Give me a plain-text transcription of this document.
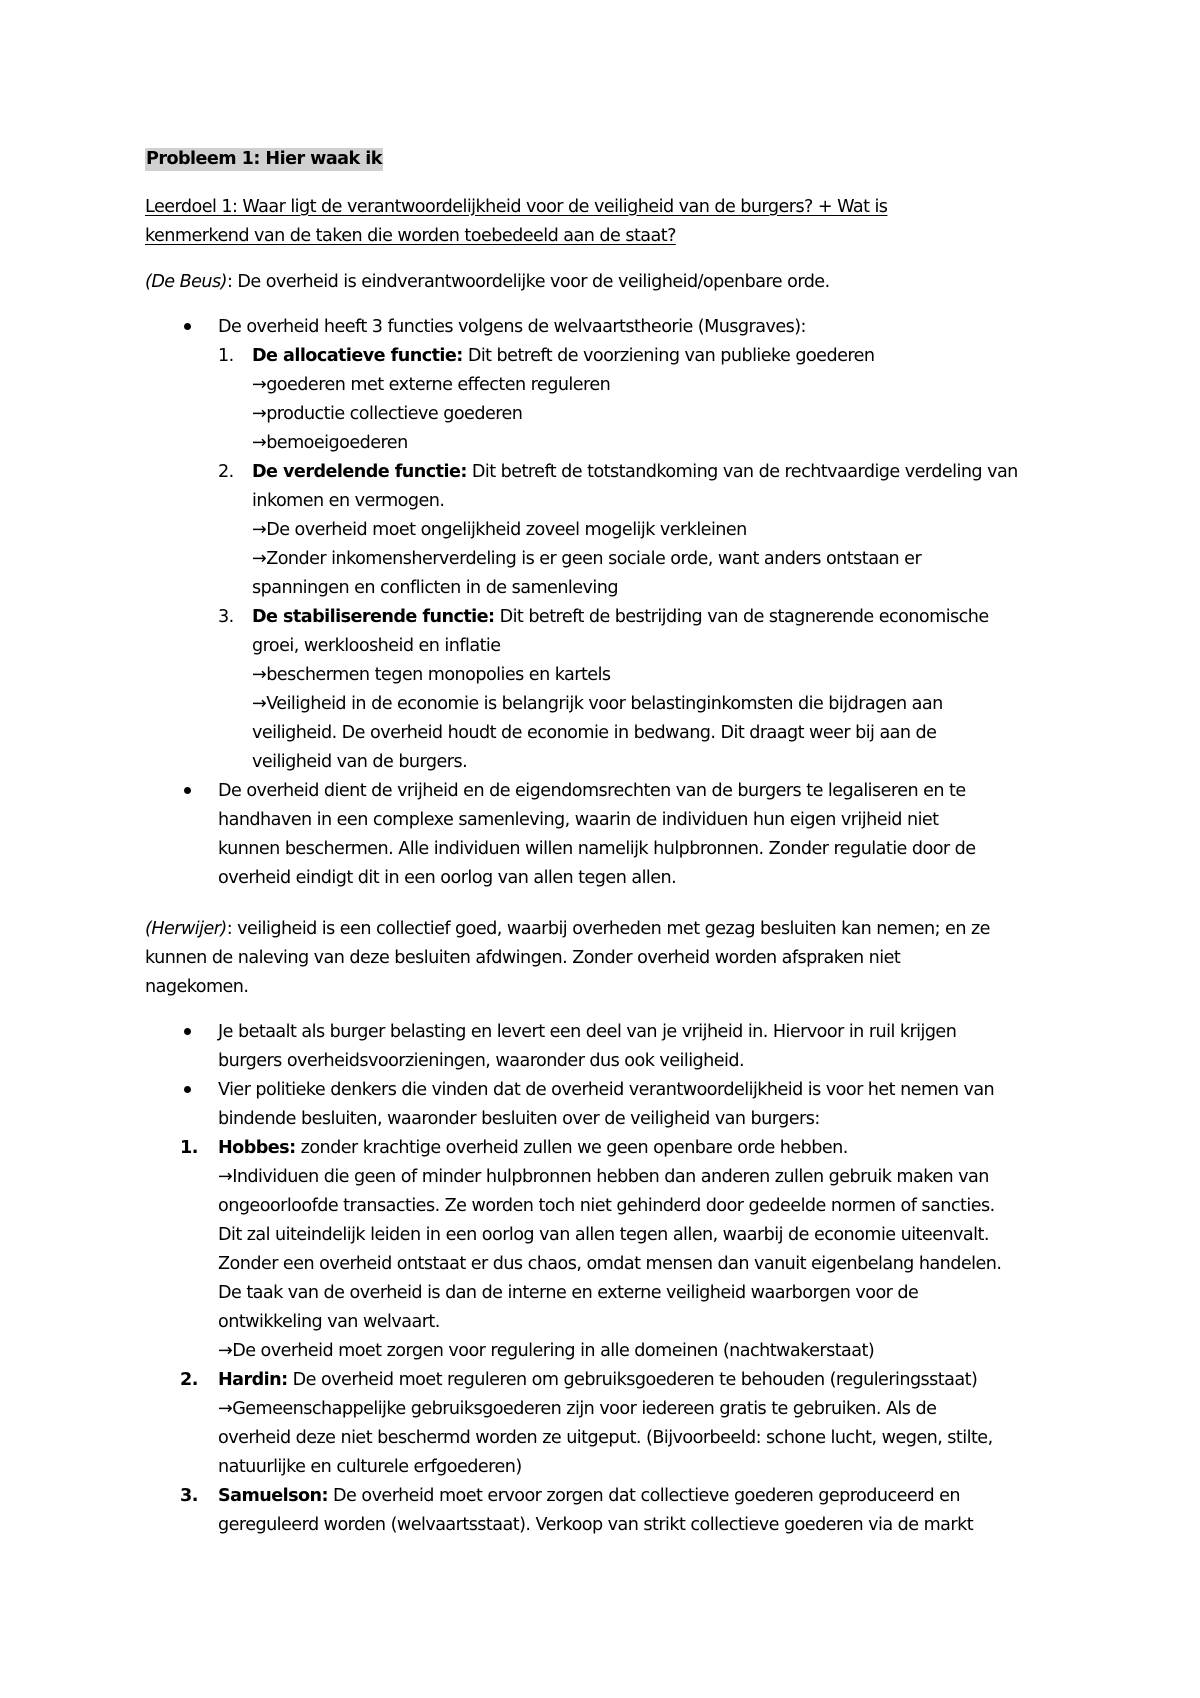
Probleem 1: Hier waak ik
Leerdoel 1: Waar ligt de verantwoordelijkheid voor de veiligheid van de burgers? + Wat is
kenmerkend van de taken die worden toebedeeld aan de staat?
(De Beus): De overheid is eindverantwoordelijke voor de veiligheid/openbare orde.
De overheid heeft 3 functies volgens de welvaartstheorie (Musgraves):
1. De allocatieve functie: Dit betreft de voorziening van publieke goederen
→goederen met externe effecten reguleren
→productie collectieve goederen
→bemoeigoederen
2. De verdelende functie: Dit betreft de totstandkoming van de rechtvaardige verdeling van
inkomen en vermogen.
→De overheid moet ongelijkheid zoveel mogelijk verkleinen
→Zonder inkomensherverdeling is er geen sociale orde, want anders ontstaan er
spanningen en conflicten in de samenleving
3. De stabiliserende functie: Dit betreft de bestrijding van de stagnerende economische
groei, werkloosheid en inflatie
→beschermen tegen monopolies en kartels
→Veiligheid in de economie is belangrijk voor belastinginkomsten die bijdragen aan
veiligheid. De overheid houdt de economie in bedwang. Dit draagt weer bij aan de
veiligheid van de burgers.
De overheid dient de vrijheid en de eigendomsrechten van de burgers te legaliseren en te
handhaven in een complexe samenleving, waarin de individuen hun eigen vrijheid niet
kunnen beschermen. Alle individuen willen namelijk hulpbronnen. Zonder regulatie door de
overheid eindigt dit in een oorlog van allen tegen allen.
(Herwijer): veiligheid is een collectief goed, waarbij overheden met gezag besluiten kan nemen; en ze
kunnen de naleving van deze besluiten afdwingen. Zonder overheid worden afspraken niet
nagekomen.
Je betaalt als burger belasting en levert een deel van je vrijheid in. Hiervoor in ruil krijgen
burgers overheidsvoorzieningen, waaronder dus ook veiligheid.
Vier politieke denkers die vinden dat de overheid verantwoordelijkheid is voor het nemen van
bindende besluiten, waaronder besluiten over de veiligheid van burgers:
1. Hobbes: zonder krachtige overheid zullen we geen openbare orde hebben.
→Individuen die geen of minder hulpbronnen hebben dan anderen zullen gebruik maken van
ongeoorloofde transacties. Ze worden toch niet gehinderd door gedeelde normen of sancties.
Dit zal uiteindelijk leiden in een oorlog van allen tegen allen, waarbij de economie uiteenvalt.
Zonder een overheid ontstaat er dus chaos, omdat mensen dan vanuit eigenbelang handelen.
De taak van de overheid is dan de interne en externe veiligheid waarborgen voor de
ontwikkeling van welvaart.
→De overheid moet zorgen voor regulering in alle domeinen (nachtwakerstaat)
2. Hardin: De overheid moet reguleren om gebruiksgoederen te behouden (reguleringsstaat)
→Gemeenschappelijke gebruiksgoederen zijn voor iedereen gratis te gebruiken. Als de
overheid deze niet beschermd worden ze uitgeput. (Bijvoorbeeld: schone lucht, wegen, stilte,
natuurlijke en culturele erfgoederen)
3. Samuelson: De overheid moet ervoor zorgen dat collectieve goederen geproduceerd en
gereguleerd worden (welvaartsstaat). Verkoop van strikt collectieve goederen via de markt
